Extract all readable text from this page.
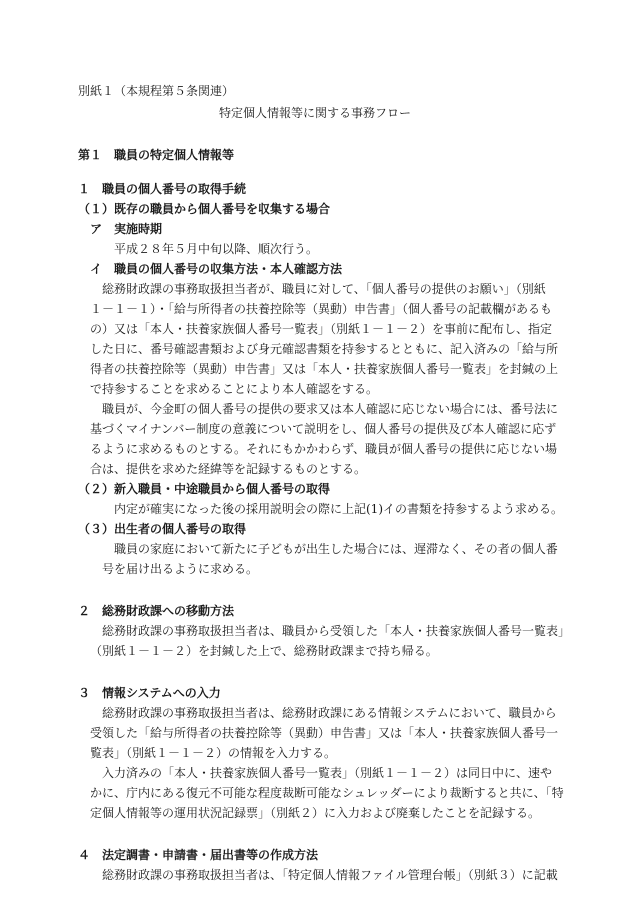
別紙１（本規程第５条関連）
特定個人情報等に関する事務フロー
第１　職員の特定個人情報等
１　職員の個人番号の取得手続
（１）既存の職員から個人番号を収集する場合
ア　実施時期
平成２８年５月中旬以降、順次行う。
イ　職員の個人番号の収集方法・本人確認方法
総務財政課の事務取扱担当者が、職員に対して、「個人番号の提供のお願い」（別紙
１－１－１）・「給与所得者の扶養控除等（異動）申告書」（個人番号の記載欄があるも
の）又は「本人・扶養家族個人番号一覧表」（別紙１－１－２）を事前に配布し、指定
した日に、番号確認書類および身元確認書類を持参するとともに、記入済みの「給与所
得者の扶養控除等（異動）申告書」又は「本人・扶養家族個人番号一覧表」を封緘の上
で持参することを求めることにより本人確認をする。
職員が、今金町の個人番号の提供の要求又は本人確認に応じない場合には、番号法に
基づくマイナンバー制度の意義について説明をし、個人番号の提供及び本人確認に応ず
るように求めるものとする。それにもかかわらず、職員が個人番号の提供に応じない場
合は、提供を求めた経緯等を記録するものとする。
（２）新入職員・中途職員から個人番号の取得
内定が確実になった後の採用説明会の際に上記(1)イの書類を持参するよう求める。
（３）出生者の個人番号の取得
職員の家庭において新たに子どもが出生した場合には、遅滞なく、その者の個人番
号を届け出るように求める。
２　総務財政課への移動方法
総務財政課の事務取扱担当者は、職員から受領した「本人・扶養家族個人番号一覧表」
（別紙１－１－２）を封緘した上で、総務財政課まで持ち帰る。
３　情報システムへの入力
総務財政課の事務取扱担当者は、総務財政課にある情報システムにおいて、職員から
受領した「給与所得者の扶養控除等（異動）申告書」又は「本人・扶養家族個人番号一
覧表」（別紙１－１－２）の情報を入力する。
入力済みの「本人・扶養家族個人番号一覧表」（別紙１－１－２）は同日中に、速や
かに、庁内にある復元不可能な程度裁断可能なシュレッダーにより裁断すると共に、「特
定個人情報等の運用状況記録票」（別紙２）に入力および廃棄したことを記録する。
４　法定調書・申請書・届出書等の作成方法
総務財政課の事務取扱担当者は、「特定個人情報ファイル管理台帳」（別紙３）に記載
